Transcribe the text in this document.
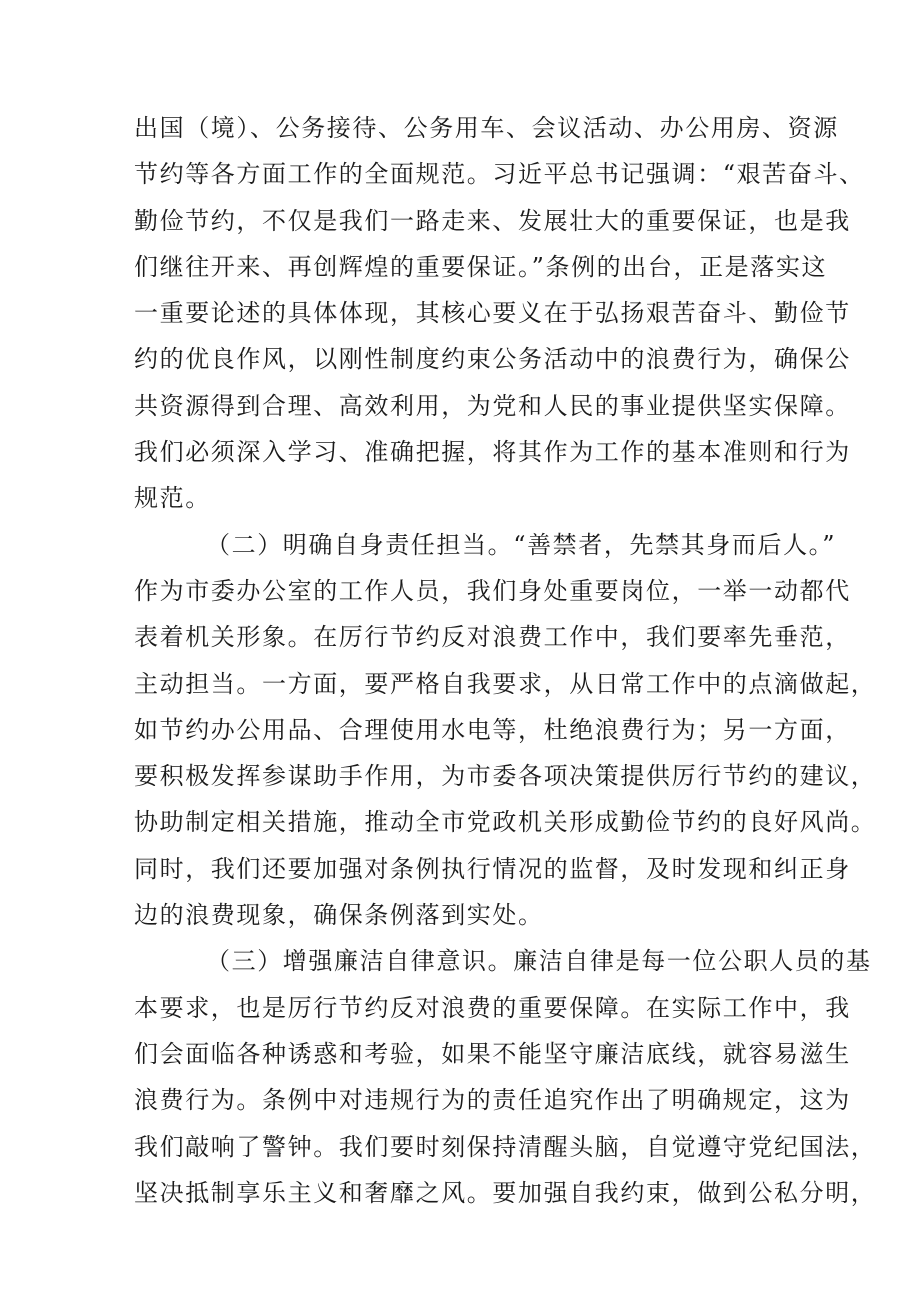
出国（境）、公务接待、公务用车、会议活动、办公用房、资源
节约等各方面工作的全面规范。习近平总书记强调：“艰苦奋斗、
勤俭节约，不仅是我们一路走来、发展壮大的重要保证，也是我
们继往开来、再创辉煌的重要保证。”条例的出台，正是落实这
一重要论述的具体体现，其核心要义在于弘扬艰苦奋斗、勤俭节
约的优良作风，以刚性制度约束公务活动中的浪费行为，确保公
共资源得到合理、高效利用，为党和人民的事业提供坚实保障。
我们必须深入学习、准确把握，将其作为工作的基本准则和行为
规范。
（二）明确自身责任担当。“善禁者，先禁其身而后人。”
作为市委办公室的工作人员，我们身处重要岗位，一举一动都代
表着机关形象。在厉行节约反对浪费工作中，我们要率先垂范，
主动担当。一方面，要严格自我要求，从日常工作中的点滴做起，
如节约办公用品、合理使用水电等，杜绝浪费行为；另一方面，
要积极发挥参谋助手作用，为市委各项决策提供厉行节约的建议，
协助制定相关措施，推动全市党政机关形成勤俭节约的良好风尚。
同时，我们还要加强对条例执行情况的监督，及时发现和纠正身
边的浪费现象，确保条例落到实处。
（三）增强廉洁自律意识。廉洁自律是每一位公职人员的基
本要求，也是厉行节约反对浪费的重要保障。在实际工作中，我
们会面临各种诱惑和考验，如果不能坚守廉洁底线，就容易滋生
浪费行为。条例中对违规行为的责任追究作出了明确规定，这为
我们敲响了警钟。我们要时刻保持清醒头脑，自觉遵守党纪国法，
坚决抵制享乐主义和奢靡之风。要加强自我约束，做到公私分明，
